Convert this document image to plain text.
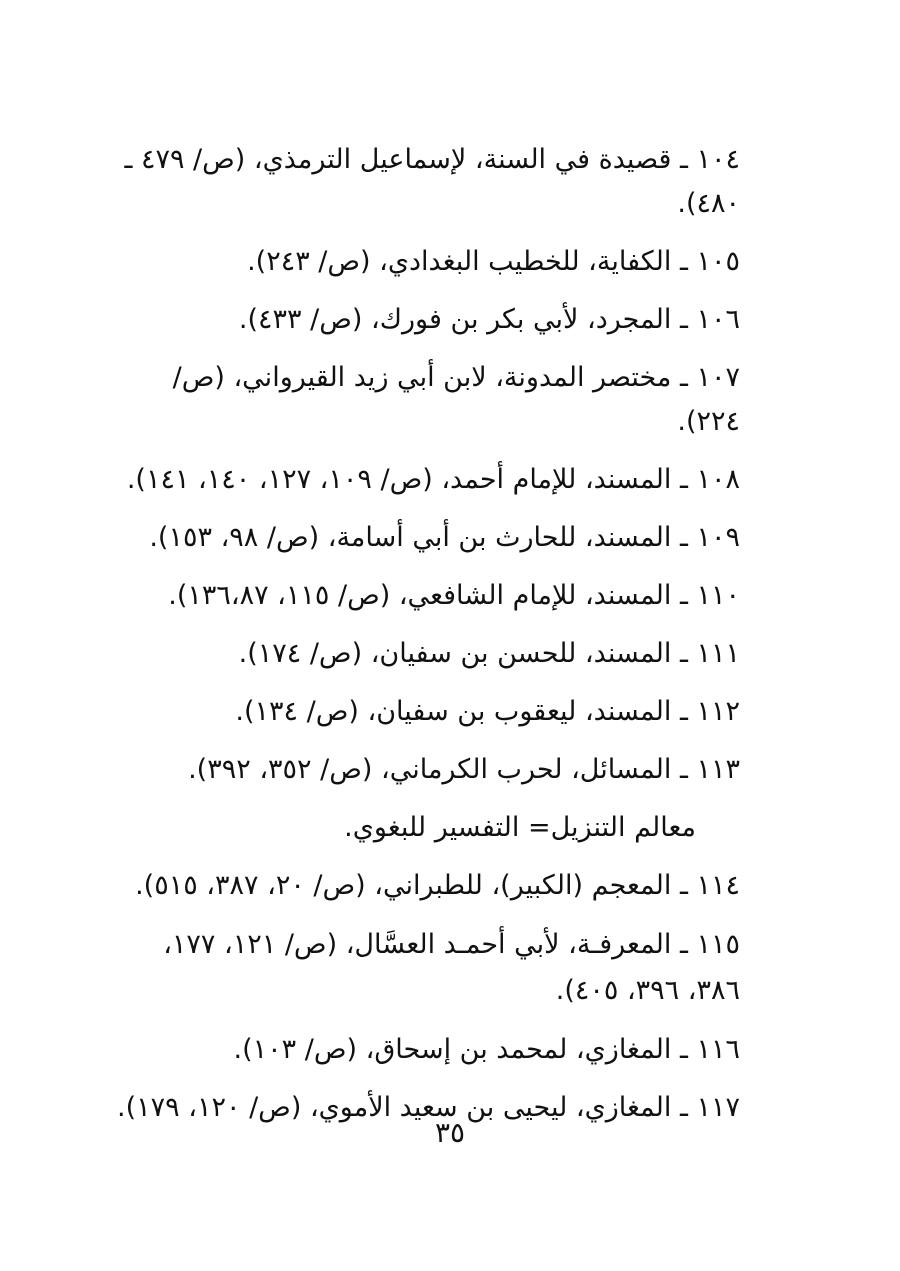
١٠٤ ـ قصيدة في السنة، لإسماعيل الترمذي، (ص/ ٤٧٩ ـ ٤٨٠).
١٠٥ ـ الكفاية، للخطيب البغدادي، (ص/ ٢٤٣).
١٠٦ ـ المجرد، لأبي بكر بن فورك، (ص/ ٤٣٣).
١٠٧ ـ مختصر المدونة، لابن أبي زيد القيرواني، (ص/ ٢٢٤).
١٠٨ ـ المسند، للإمام أحمد، (ص/ ١٠٩، ١٢٧، ١٤٠، ١٤١).
١٠٩ ـ المسند، للحارث بن أبي أسامة، (ص/ ٩٨، ١٥٣).
١١٠ ـ المسند، للإمام الشافعي، (ص/ ١١٥، ١٣٦،٨٧).
١١١ ـ المسند، للحسن بن سفيان، (ص/ ١٧٤).
١١٢ ـ المسند، ليعقوب بن سفيان، (ص/ ١٣٤).
١١٣ ـ المسائل، لحرب الكرماني، (ص/ ٣٥٢، ٣٩٢).
معالم التنزيل= التفسير للبغوي.
١١٤ ـ المعجم (الكبير)، للطبراني، (ص/ ٢٠، ٣٨٧، ٥١٥).
١١٥ ـ المعرفـة، لأبي أحمـد العسَّال، (ص/ ١٢١، ١٧٧، ٣٨٦، ٣٩٦، ٤٠٥).
١١٦ ـ المغازي، لمحمد بن إسحاق، (ص/ ١٠٣).
١١٧ ـ المغازي، ليحيى بن سعيد الأموي، (ص/ ١٢٠، ١٧٩).
٣٥
